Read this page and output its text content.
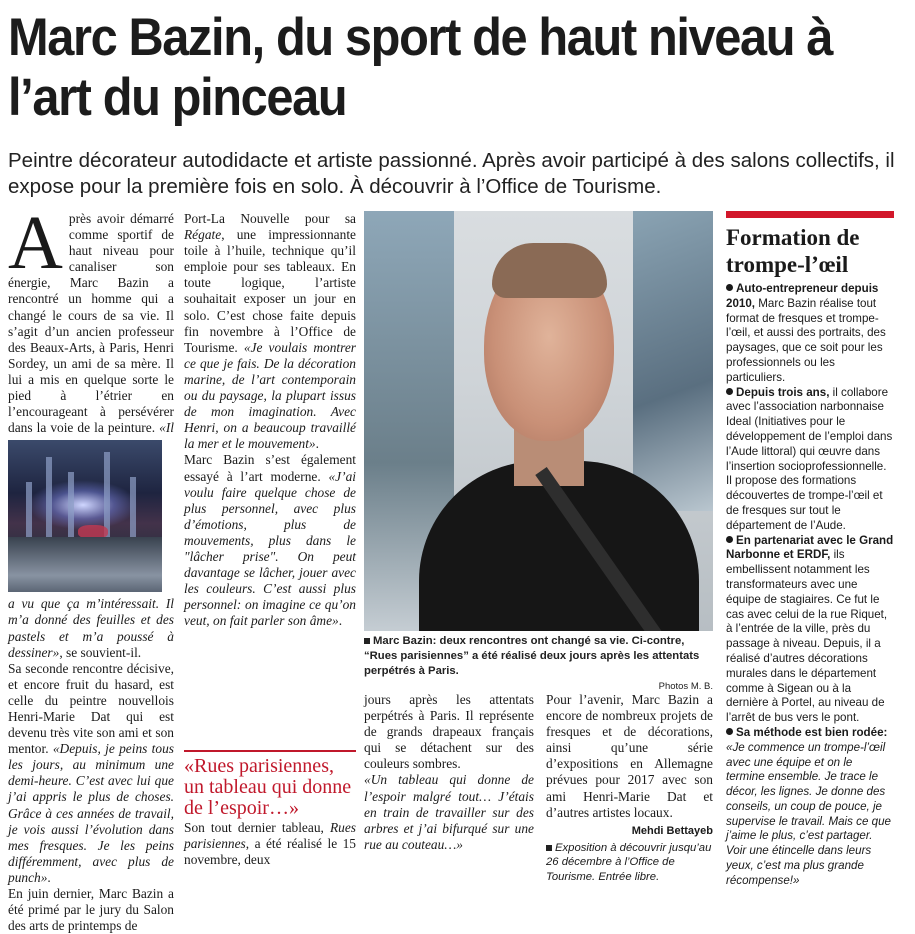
Marc Bazin, du sport de haut niveau à l’art du pinceau

Peintre décorateur autodidacte et artiste passionné. Après avoir participé à des salons collectifs, il expose pour la première fois en solo. À découvrir à l’Office de Tourisme.

Après avoir démarré comme sportif de haut niveau pour canaliser son énergie, Marc Bazin a rencontré un homme qui a changé le cours de sa vie. Il s’agit d’un ancien professeur des Beaux-Arts, à Paris, Henri Sordey, un ami de sa mère. Il lui a mis en quelque sorte le pied à l’étrier en l’encourageant à persévérer dans la voie de la peinture. «Il a vu que ça m’intéressait. Il m’a donné des feuilles et des pastels et m’a poussé à dessiner», se souvient-il.

Sa seconde rencontre décisive, et encore fruit du hasard, est celle du peintre nouvellois Henri-Marie Dat qui est devenu très vite son ami et son mentor. «Depuis, je peins tous les jours, au minimum une demi-heure. C’est avec lui que j’ai appris le plus de choses. Grâce à ces années de travail, je vois aussi l’évolution dans mes fresques. Je les peins différemment, avec plus de punch».

En juin dernier, Marc Bazin a été primé par le jury du Salon des arts de printemps de

Port-La Nouvelle pour sa Régate, une impressionnante toile à l’huile, technique qu’il emploie pour ses tableaux. En toute logique, l’artiste souhaitait exposer un jour en solo. C’est chose faite depuis fin novembre à l’Office de Tourisme. «Je voulais montrer ce que je fais. De la décoration marine, de l’art contemporain ou du paysage, la plupart issus de mon imagination. Avec Henri, on a beaucoup travaillé la mer et le mouvement».

Marc Bazin s’est également essayé à l’art moderne. «J’ai voulu faire quelque chose de plus personnel, avec plus d’émotions, plus de mouvements, plus dans le "lâcher prise". On peut davantage se lâcher, jouer avec les couleurs. C’est aussi plus personnel: on imagine ce qu’on veut, on fait parler son âme».

«Rues parisiennes, un tableau qui donne de l’espoir…»

Son tout dernier tableau, Rues parisiennes, a été réalisé le 15 novembre, deux

Marc Bazin: deux rencontres ont changé sa vie. Ci-contre, “Rues parisiennes” a été réalisé deux jours après les attentats perpétrés à Paris.
Photos M. B.

jours après les attentats perpétrés à Paris. Il représente de grands drapeaux français qui se détachent sur des couleurs sombres.

«Un tableau qui donne de l’espoir malgré tout… J’étais en train de travailler sur des arbres et j’ai bifurqué sur une rue au couteau…»

Pour l’avenir, Marc Bazin a encore de nombreux projets de fresques et de décorations, ainsi qu’une série d’expositions en Allemagne prévues pour 2017 avec son ami Henri-Marie Dat et d’autres artistes locaux.

Mehdi Bettayeb
Exposition à découvrir jusqu’au 26 décembre à l’Office de Tourisme. Entrée libre.
Formation de trompe-l’œil

Auto-entrepreneur depuis 2010, Marc Bazin réalise tout format de fresques et trompe-l’œil, et aussi des portraits, des paysages, que ce soit pour les professionnels ou les particuliers.

Depuis trois ans, il collabore avec l’association narbonnaise Ideal (Initiatives pour le développement de l’emploi dans l’Aude littoral) qui œuvre dans l’insertion socioprofessionnelle. Il propose des formations découvertes de trompe-l’œil et de fresques sur tout le département de l’Aude.

En partenariat avec le Grand Narbonne et ERDF, ils embellissent notamment les transformateurs avec une équipe de stagiaires. Ce fut le cas avec celui de la rue Riquet, à l’entrée de la ville, près du passage à niveau. Depuis, il a réalisé d’autres décorations murales dans le département comme à Sigean ou à la dernière à Portel, au niveau de l’arrêt de bus vers le pont.

Sa méthode est bien rodée: «Je commence un trompe-l’œil avec une équipe et on le termine ensemble. Je trace le décor, les lignes. Je donne des conseils, un coup de pouce, je supervise le travail. Mais ce que j’aime le plus, c’est partager. Voir une étincelle dans leurs yeux, c’est ma plus grande récompense!»
